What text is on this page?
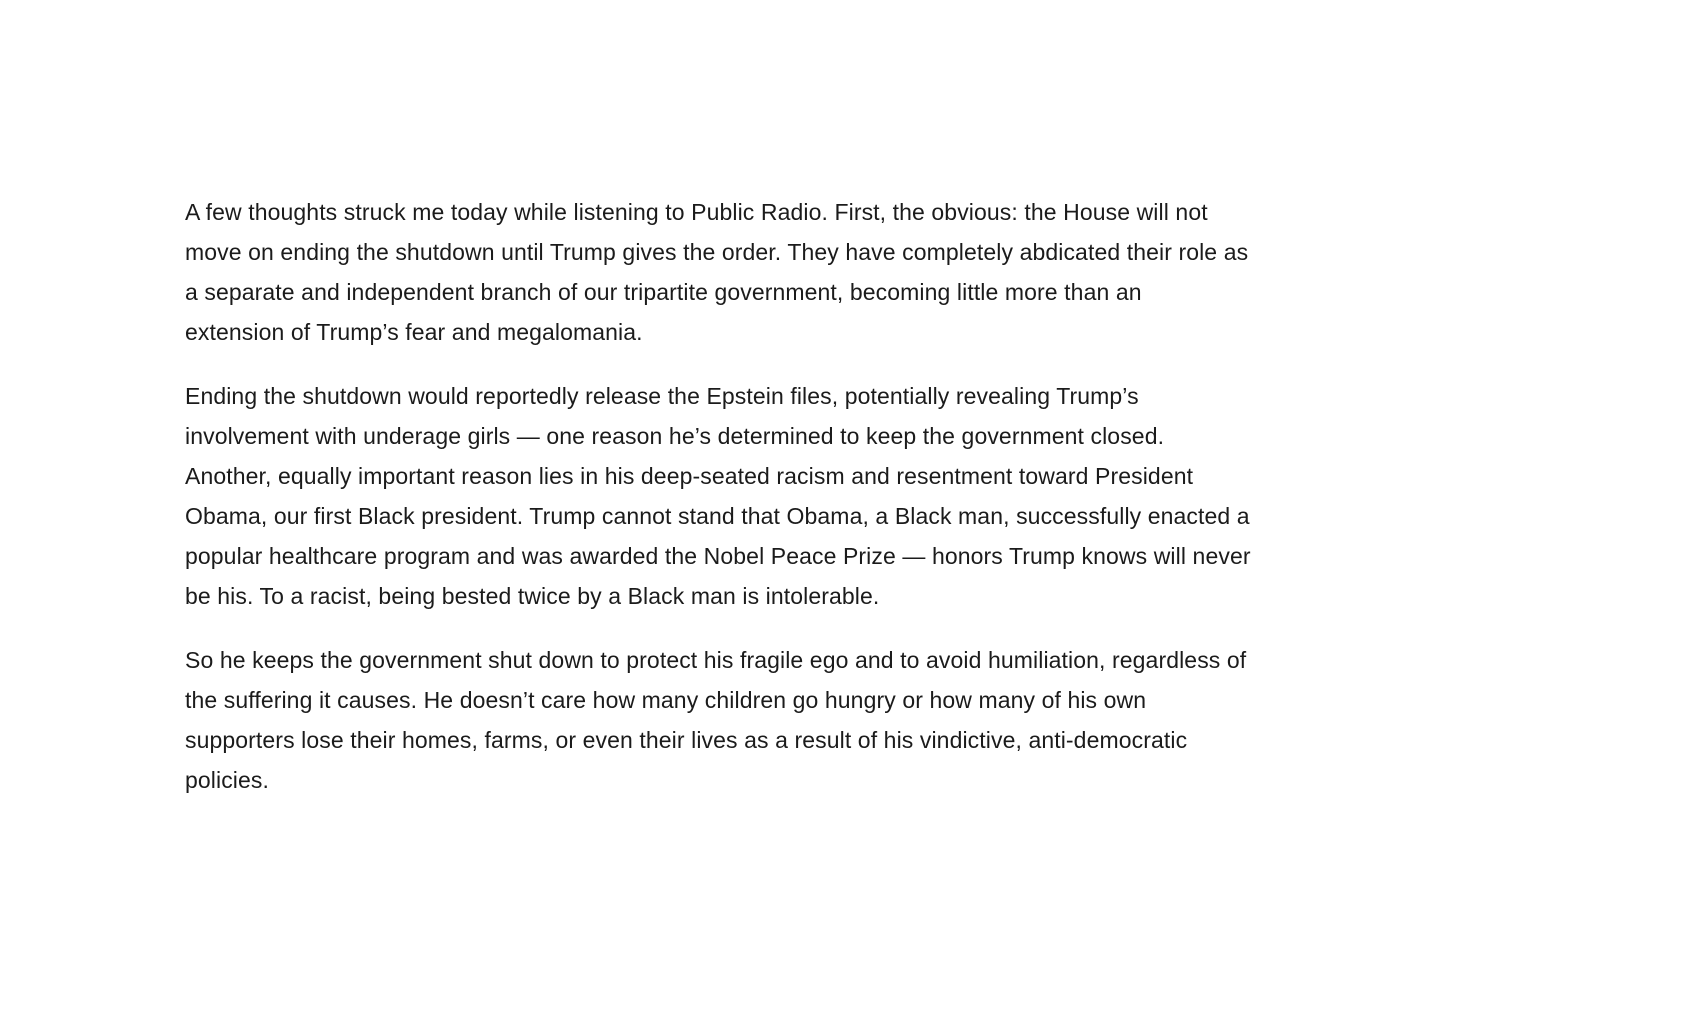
A few thoughts struck me today while listening to Public Radio. First, the obvious: the House will not
move on ending the shutdown until Trump gives the order. They have completely abdicated their role as
a separate and independent branch of our tripartite government, becoming little more than an
extension of Trump’s fear and megalomania.
Ending the shutdown would reportedly release the Epstein files, potentially revealing Trump’s
involvement with underage girls — one reason he’s determined to keep the government closed.
Another, equally important reason lies in his deep-seated racism and resentment toward President
Obama, our first Black president. Trump cannot stand that Obama, a Black man, successfully enacted a
popular healthcare program and was awarded the Nobel Peace Prize — honors Trump knows will never
be his. To a racist, being bested twice by a Black man is intolerable.
So he keeps the government shut down to protect his fragile ego and to avoid humiliation, regardless of
the suffering it causes. He doesn’t care how many children go hungry or how many of his own
supporters lose their homes, farms, or even their lives as a result of his vindictive, anti-democratic
policies.
